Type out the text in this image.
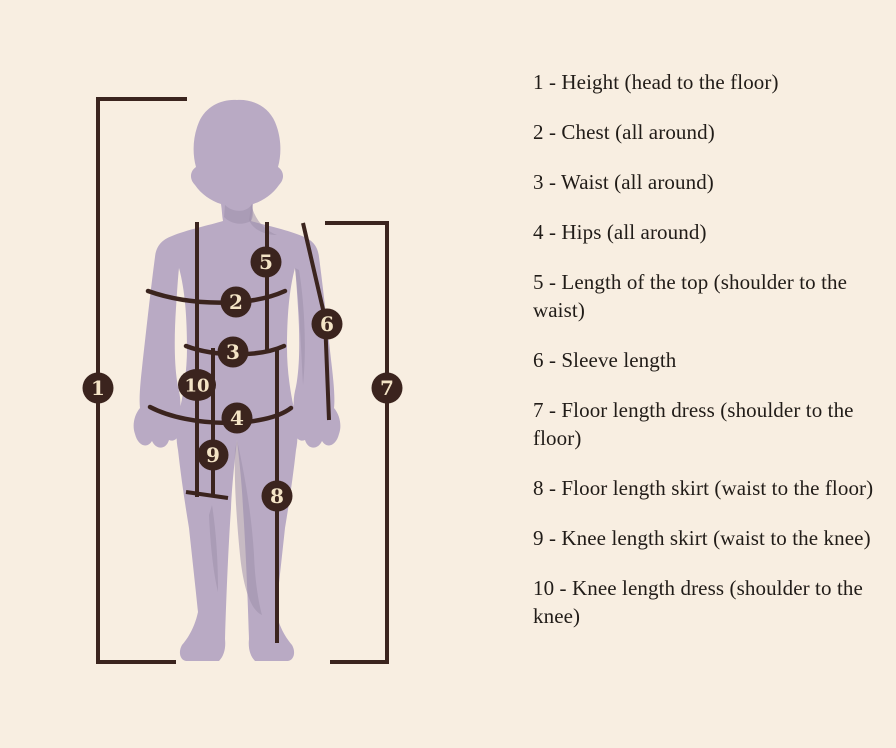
1
2
3
4
5
6
7
8
9
10

1 - Height (head to the floor)

2 - Chest (all around)

3 - Waist (all around)

4 - Hips (all around)

5 - Length of the top (shoulder to the waist)

6 - Sleeve length

7 - Floor length dress (shoulder to the floor)

8 - Floor length skirt (waist to the floor)

9 - Knee length skirt (waist to the knee)

10 - Knee length dress (shoulder to the knee)
